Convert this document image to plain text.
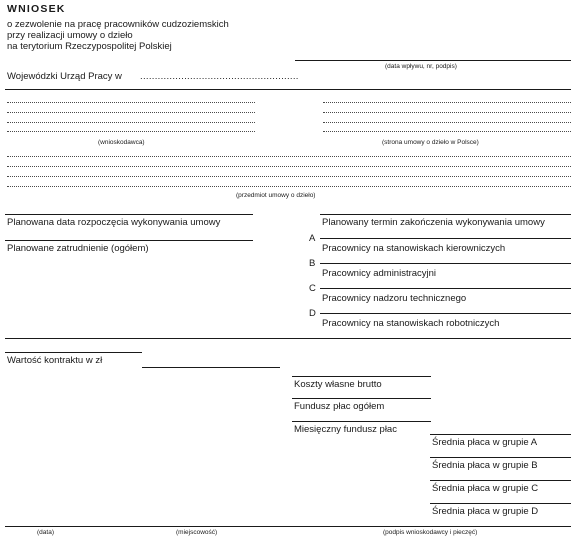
WNIOSEK
o zezwolenie na pracę pracowników cudzoziemskich
przy realizacji umowy o dzieło
na terytorium Rzeczypospolitej Polskiej
(data wpływu, nr, podpis)
Wojewódzki Urząd Pracy w ......................................................
(wnioskodawca)	(strona umowy o dzieło w Polsce)
(przedmiot umowy o dzieło)
Planowana data rozpoczęcia wykonywania umowy	Planowany termin zakończenia wykonywania umowy
Planowane zatrudnienie (ogółem)
A
Pracownicy na stanowiskach kierowniczych
B
Pracownicy administracyjni
C
Pracownicy nadzoru technicznego
D
Pracownicy na stanowiskach robotniczych
Wartość kontraktu w zł
Koszty własne brutto
Fundusz płac ogółem
Miesięczny fundusz płac
Średnia płaca w grupie A
Średnia płaca w grupie B
Średnia płaca w grupie C
Średnia płaca w grupie D
(data)	(miejscowość)	(podpis wnioskodawcy i pieczęć)
